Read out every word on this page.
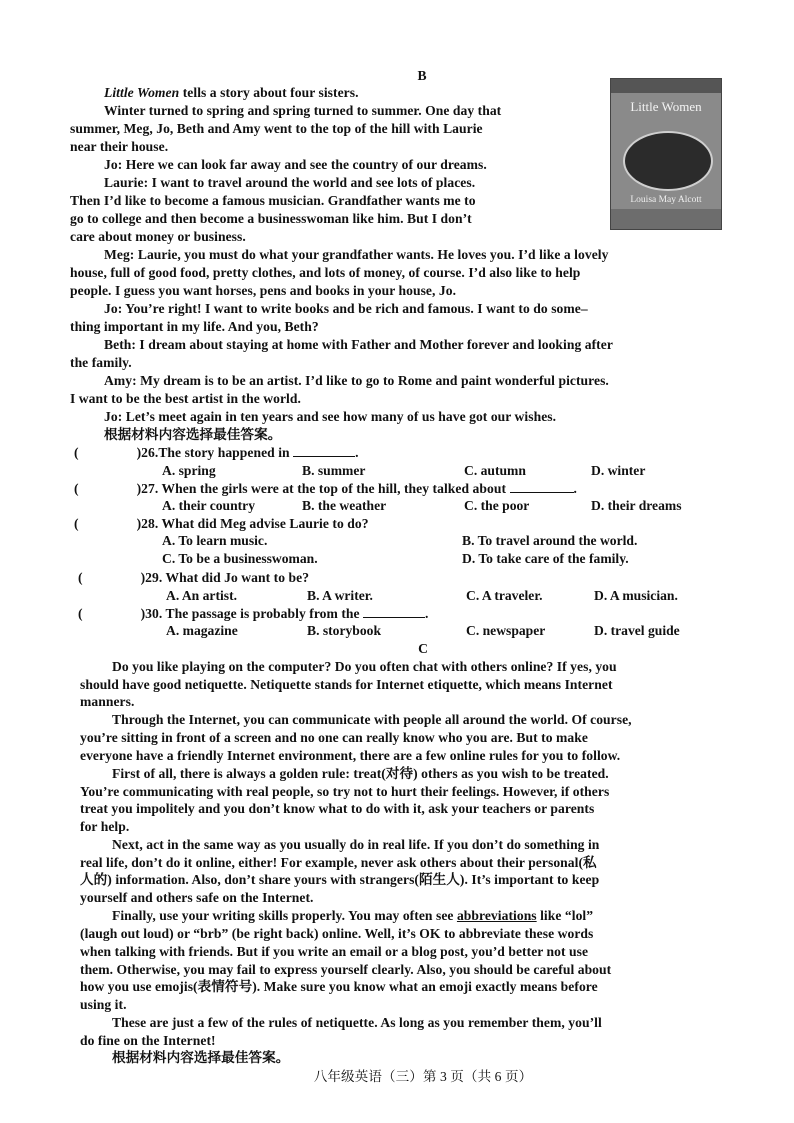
B
Little Women
Louisa May Alcott
Little Women tells a story about four sisters.
Winter turned to spring and spring turned to summer. One day that
summer, Meg, Jo, Beth and Amy went to the top of the hill with Laurie
near their house.
Jo: Here we can look far away and see the country of our dreams.
Laurie: I want to travel around the world and see lots of places.
Then I’d like to become a famous musician. Grandfather wants me to
go to college and then become a businesswoman like him. But I don’t
care about money or business.
Meg: Laurie, you must do what your grandfather wants. He loves you. I’d like a lovely
house, full of good food, pretty clothes, and lots of money, of course. I’d also like to help
people. I guess you want horses, pens and books in your house, Jo.
Jo: You’re right! I want to write books and be rich and famous. I want to do some–
thing important in my life. And you, Beth?
Beth: I dream about staying at home with Father and Mother forever and looking after
the family.
Amy: My dream is to be an artist. I’d like to go to Rome and paint wonderful pictures.
I want to be the best artist in the world.
Jo: Let’s meet again in ten years and see how many of us have got our wishes.
根据材料内容选择最佳答案。
(	)26.The story happened in	.
A. spring	B. summer	C. autumn	D. winter
(	)27. When the girls were at the top of the hill, they talked about	.
A. their country	B. the weather	C. the poor	D. their dreams
(	)28. What did Meg advise Laurie to do?
A. To learn music.	B. To travel around the world.
C. To be a businesswoman.	D. To take care of the family.
(	)29. What did Jo want to be?
A. An artist.	B. A writer.	C. A traveler.	D. A musician.
(	)30. The passage is probably from the	.
A. magazine	B. storybook	C. newspaper	D. travel guide
C
Do you like playing on the computer? Do you often chat with others online? If yes, you
should have good netiquette. Netiquette stands for Internet etiquette, which means Internet
manners.
Through the Internet, you can communicate with people all around the world. Of course,
you’re sitting in front of a screen and no one can really know who you are. But to make
everyone have a friendly Internet environment, there are a few online rules for you to follow.
First of all, there is always a golden rule: treat(对待) others as you wish to be treated.
You’re communicating with real people, so try not to hurt their feelings. However, if others
treat you impolitely and you don’t know what to do with it, ask your teachers or parents
for help.
Next, act in the same way as you usually do in real life. If you don’t do something in
real life, don’t do it online, either! For example, never ask others about their personal(私
人的) information. Also, don’t share yours with strangers(陌生人). It’s important to keep
yourself and others safe on the Internet.
Finally, use your writing skills properly. You may often see abbreviations like “lol”
(laugh out loud) or “brb” (be right back) online. Well, it’s OK to abbreviate these words
when talking with friends. But if you write an email or a blog post, you’d better not use
them. Otherwise, you may fail to express yourself clearly. Also, you should be careful about
how you use emojis(表情符号). Make sure you know what an emoji exactly means before
using it.
These are just a few of the rules of netiquette. As long as you remember them, you’ll
do fine on the Internet!
根据材料内容选择最佳答案。
八年级英语（三）第 3 页（共 6 页）
